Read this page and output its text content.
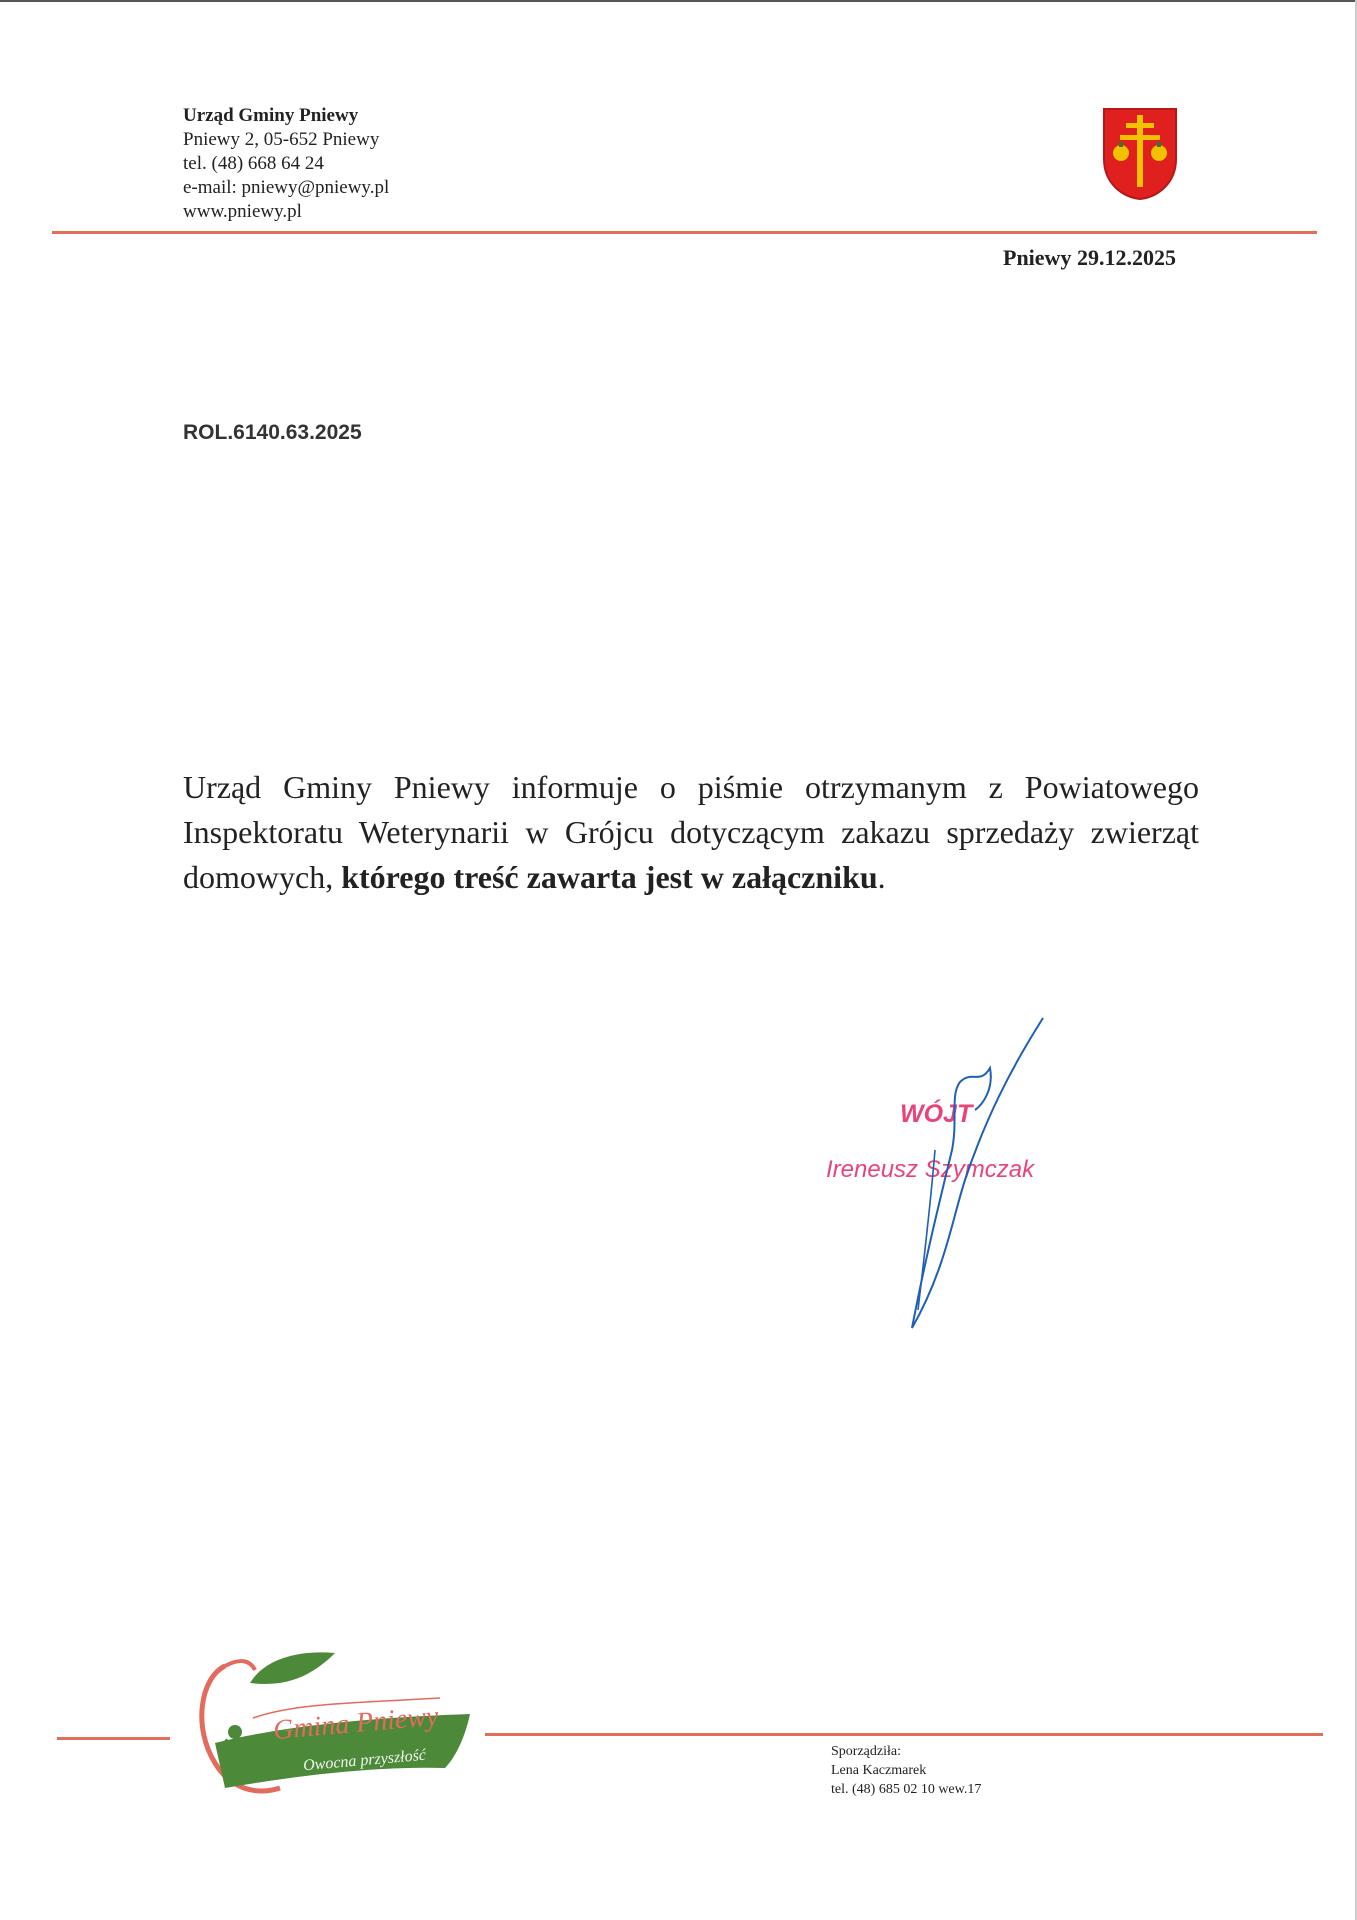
Urząd Gminy Pniewy
Pniewy 2, 05-652 Pniewy
tel. (48) 668 64 24
e-mail: pniewy@pniewy.pl
www.pniewy.pl
Pniewy 29.12.2025
ROL.6140.63.2025
Urząd Gminy Pniewy informuje o piśmie otrzymanym z Powiatowego Inspektoratu Weterynarii w Grójcu dotyczącym zakazu sprzedaży zwierząt domowych, którego treść zawarta jest w załączniku.
WÓJT
Ireneusz Szymczak
Gmina Pniewy
Owocna przyszłość	Sporządziła:
Lena Kaczmarek
tel. (48) 685 02 10 wew.17
